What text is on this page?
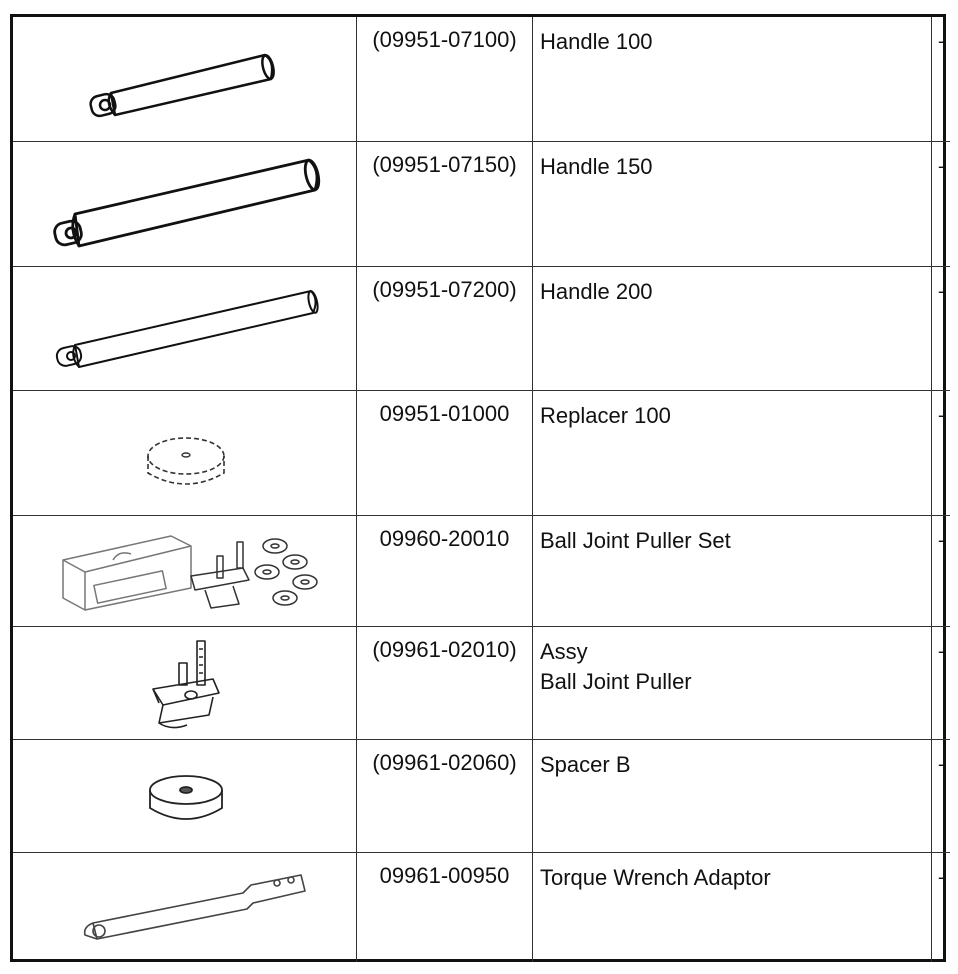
	(09951-07100)	Handle 100	-

	(09951-07150)	Handle 150	-

	(09951-07200)	Handle 200	-

	09951-01000	Replacer 100	-

	09960-20010	Ball Joint Puller Set	-

	(09961-02010)	Assy
Ball Joint Puller	-

	(09961-02060)	Spacer B	-

	09961-00950	Torque Wrench Adaptor	-
